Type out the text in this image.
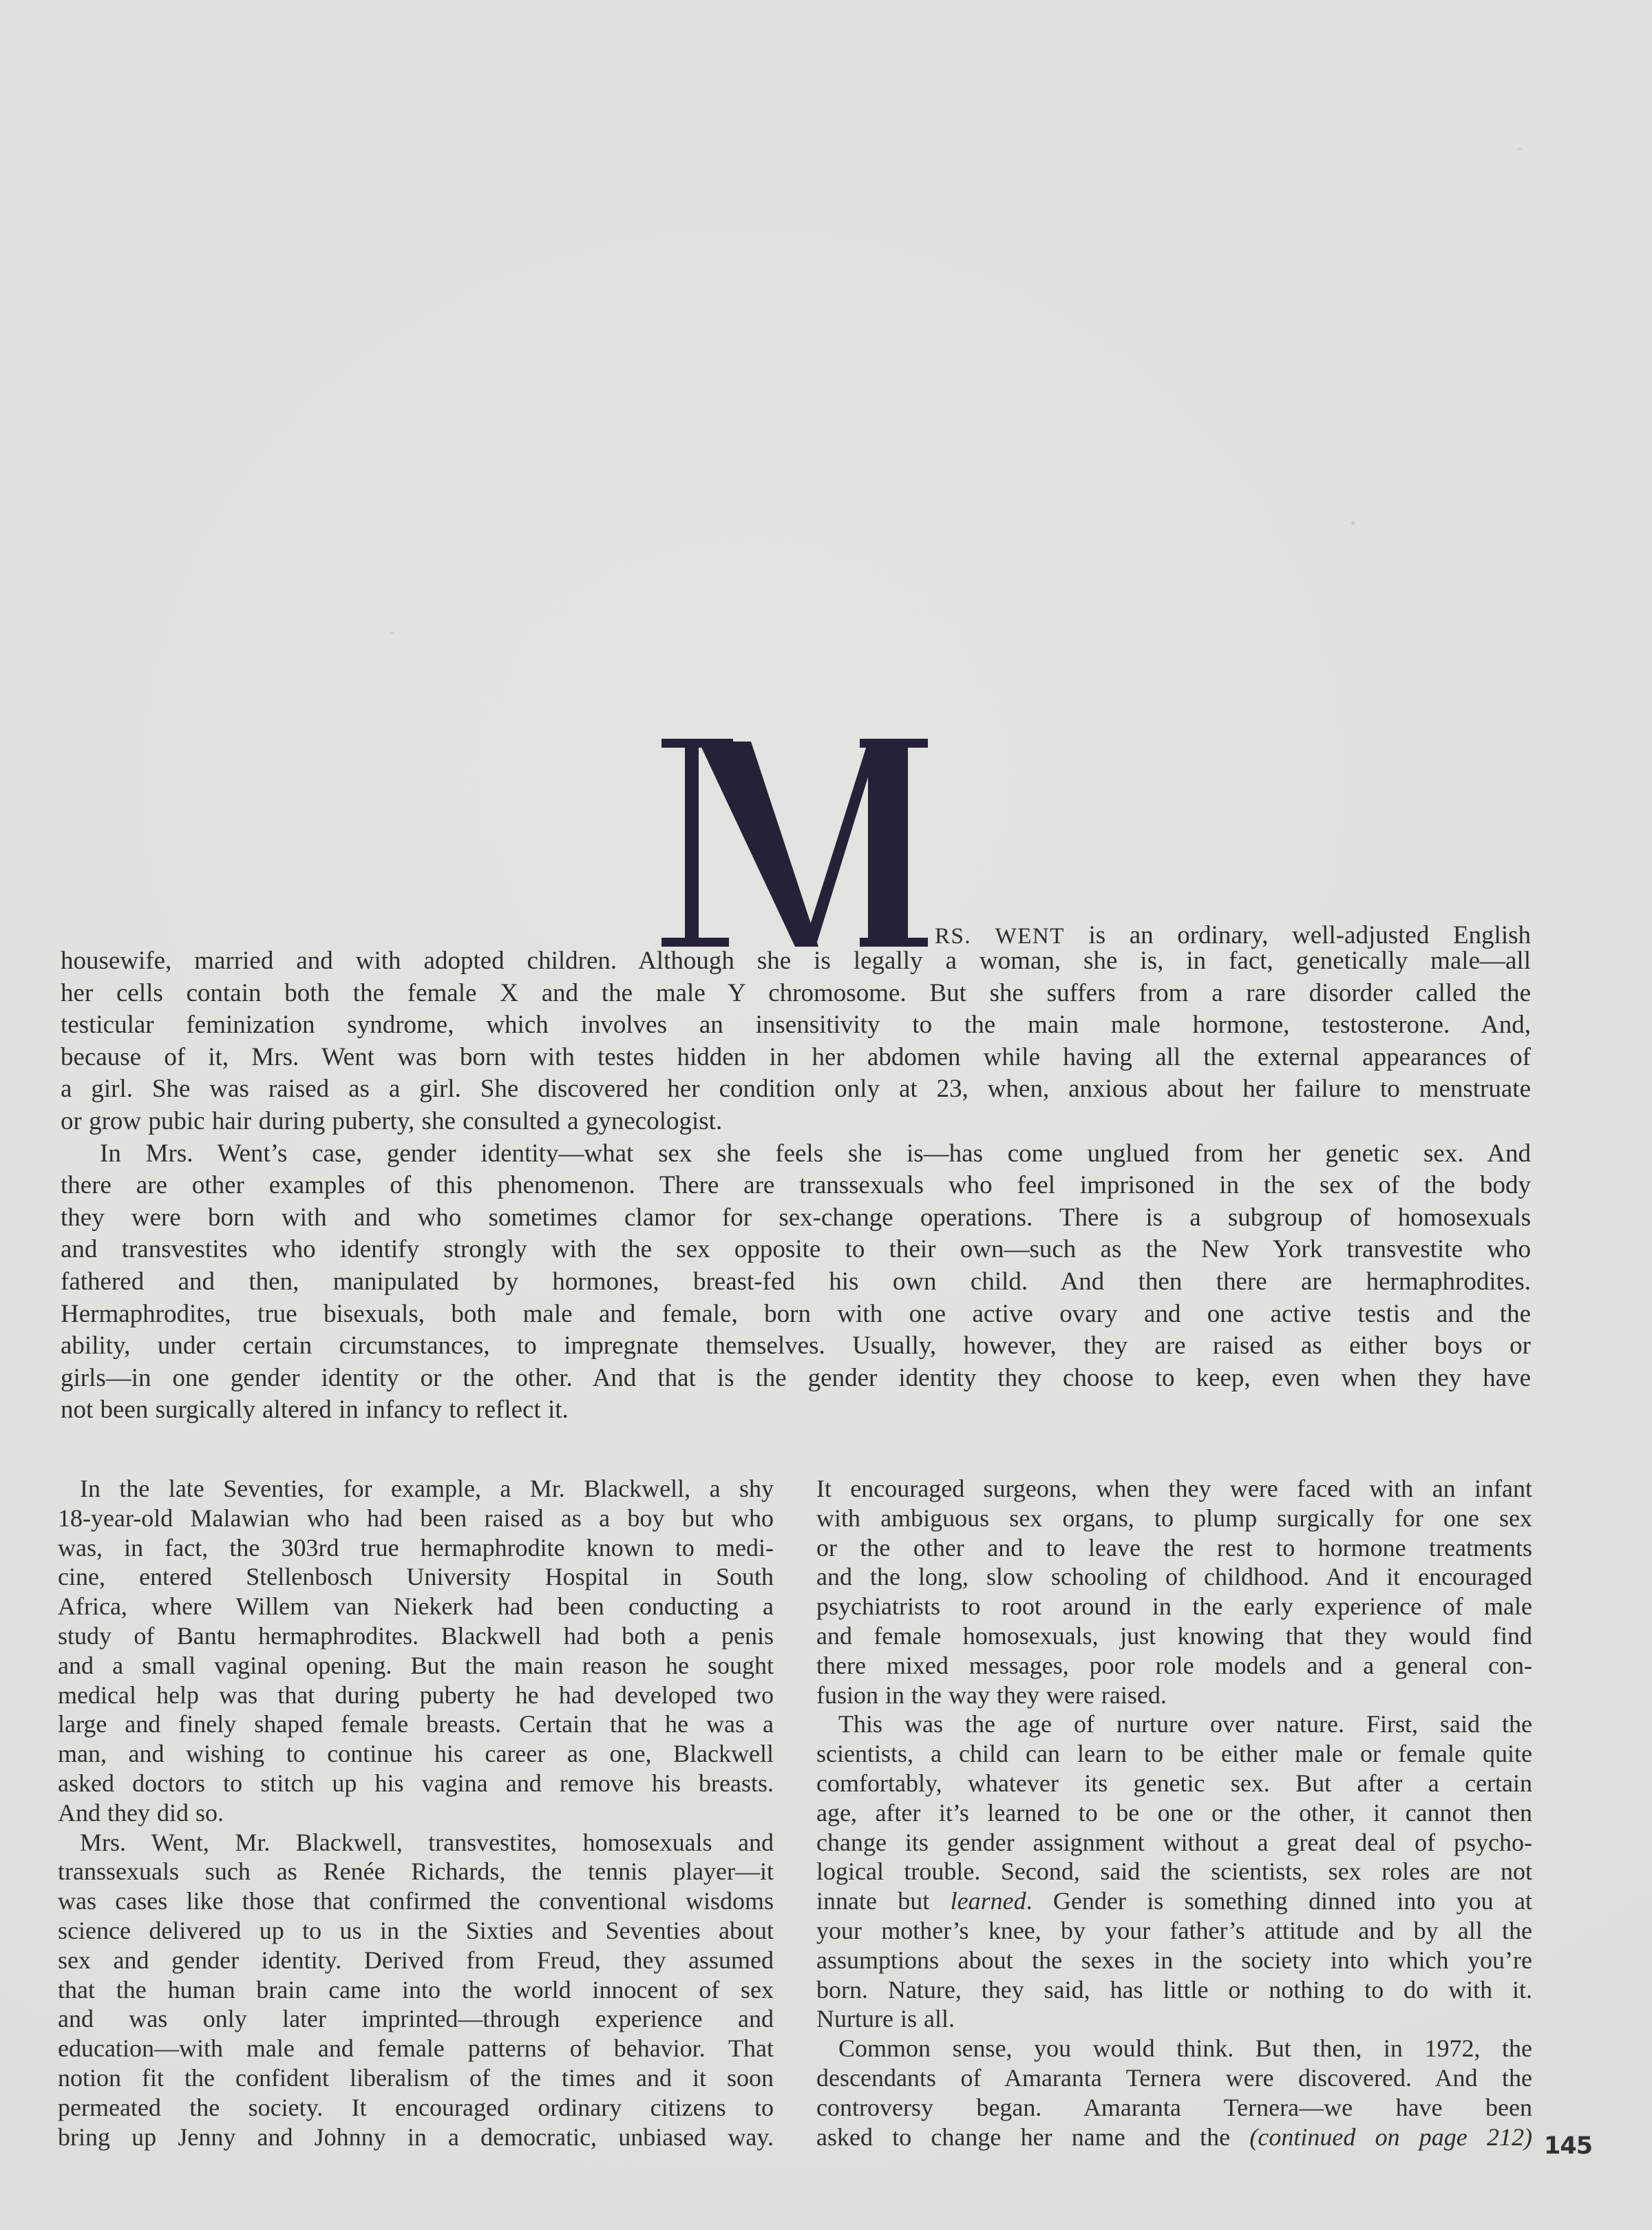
RS. WENT is an ordinary, well-adjusted English
housewife, married and with adopted children. Although she is legally a woman, she is, in fact, genetically male—all
her cells contain both the female X and the male Y chromosome. But she suffers from a rare disorder called the
testicular feminization syndrome, which involves an insensitivity to the main male hormone, testosterone. And,
because of it, Mrs. Went was born with testes hidden in her abdomen while having all the external appearances of
a girl. She was raised as a girl. She discovered her condition only at 23, when, anxious about her failure to menstruate
or grow pubic hair during puberty, she consulted a gynecologist.
In Mrs. Went’s case, gender identity—what sex she feels she is—has come unglued from her genetic sex. And
there are other examples of this phenomenon. There are transsexuals who feel imprisoned in the sex of the body
they were born with and who sometimes clamor for sex-change operations. There is a subgroup of homosexuals
and transvestites who identify strongly with the sex opposite to their own—such as the New York transvestite who
fathered and then, manipulated by hormones, breast-fed his own child. And then there are hermaphrodites.
Hermaphrodites, true bisexuals, both male and female, born with one active ovary and one active testis and the
ability, under certain circumstances, to impregnate themselves. Usually, however, they are raised as either boys or
girls—in one gender identity or the other. And that is the gender identity they choose to keep, even when they have
not been surgically altered in infancy to reflect it.
In the late Seventies, for example, a Mr. Blackwell, a shy
18-year-old Malawian who had been raised as a boy but who
was, in fact, the 303rd true hermaphrodite known to medi-
cine, entered Stellenbosch University Hospital in South
Africa, where Willem van Niekerk had been conducting a
study of Bantu hermaphrodites. Blackwell had both a penis
and a small vaginal opening. But the main reason he sought
medical help was that during puberty he had developed two
large and finely shaped female breasts. Certain that he was a
man, and wishing to continue his career as one, Blackwell
asked doctors to stitch up his vagina and remove his breasts.
And they did so.
Mrs. Went, Mr. Blackwell, transvestites, homosexuals and
transsexuals such as Renée Richards, the tennis player—it
was cases like those that confirmed the conventional wisdoms
science delivered up to us in the Sixties and Seventies about
sex and gender identity. Derived from Freud, they assumed
that the human brain came into the world innocent of sex
and was only later imprinted—through experience and
education—with male and female patterns of behavior. That
notion fit the confident liberalism of the times and it soon
permeated the society. It encouraged ordinary citizens to
bring up Jenny and Johnny in a democratic, unbiased way.
It encouraged surgeons, when they were faced with an infant
with ambiguous sex organs, to plump surgically for one sex
or the other and to leave the rest to hormone treatments
and the long, slow schooling of childhood. And it encouraged
psychiatrists to root around in the early experience of male
and female homosexuals, just knowing that they would find
there mixed messages, poor role models and a general con-
fusion in the way they were raised.
This was the age of nurture over nature. First, said the
scientists, a child can learn to be either male or female quite
comfortably, whatever its genetic sex. But after a certain
age, after it’s learned to be one or the other, it cannot then
change its gender assignment without a great deal of psycho-
logical trouble. Second, said the scientists, sex roles are not
innate but learned. Gender is something dinned into you at
your mother’s knee, by your father’s attitude and by all the
assumptions about the sexes in the society into which you’re
born. Nature, they said, has little or nothing to do with it.
Nurture is all.
Common sense, you would think. But then, in 1972, the
descendants of Amaranta Ternera were discovered. And the
controversy began. Amaranta Ternera—we have been
asked to change her name and the (continued on page 212) 145
